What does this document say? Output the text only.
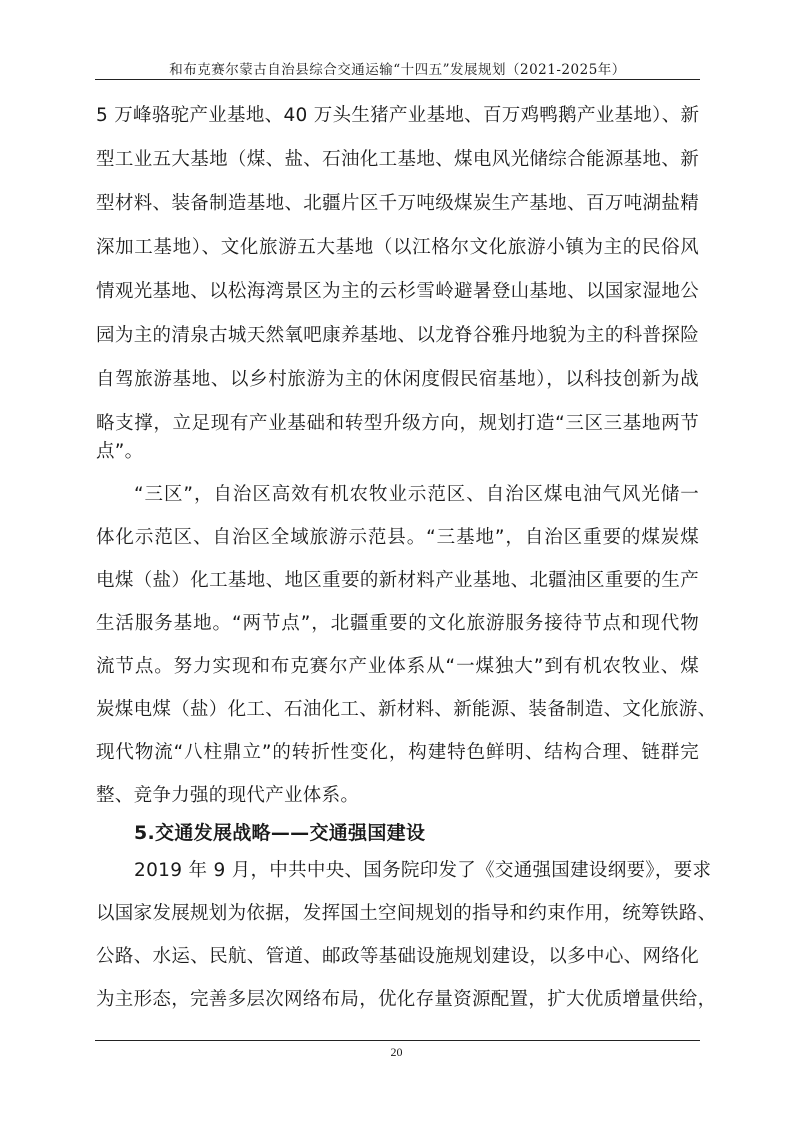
和布克赛尔蒙古自治县综合交通运输“十四五”发展规划（2021-2025年）
5 万峰骆驼产业基地、40 万头生猪产业基地、百万鸡鸭鹅产业基地）、新
型工业五大基地（煤、盐、石油化工基地、煤电风光储综合能源基地、新
型材料、装备制造基地、北疆片区千万吨级煤炭生产基地、百万吨湖盐精
深加工基地）、文化旅游五大基地（以江格尔文化旅游小镇为主的民俗风
情观光基地、以松海湾景区为主的云杉雪岭避暑登山基地、以国家湿地公
园为主的清泉古城天然氧吧康养基地、以龙脊谷雅丹地貌为主的科普探险
自驾旅游基地、以乡村旅游为主的休闲度假民宿基地），以科技创新为战
略支撑，立足现有产业基础和转型升级方向，规划打造“三区三基地两节
点”。
“三区”，自治区高效有机农牧业示范区、自治区煤电油气风光储一
体化示范区、自治区全域旅游示范县。“三基地”，自治区重要的煤炭煤
电煤（盐）化工基地、地区重要的新材料产业基地、北疆油区重要的生产
生活服务基地。“两节点”，北疆重要的文化旅游服务接待节点和现代物
流节点。努力实现和布克赛尔产业体系从“一煤独大”到有机农牧业、煤
炭煤电煤（盐）化工、石油化工、新材料、新能源、装备制造、文化旅游、
现代物流“八柱鼎立”的转折性变化，构建特色鲜明、结构合理、链群完
整、竞争力强的现代产业体系。
5.交通发展战略——交通强国建设
2019 年 9 月，中共中央、国务院印发了《交通强国建设纲要》，要求
以国家发展规划为依据，发挥国土空间规划的指导和约束作用，统筹铁路、
公路、水运、民航、管道、邮政等基础设施规划建设，以多中心、网络化
为主形态，完善多层次网络布局，优化存量资源配置，扩大优质增量供给，
20
